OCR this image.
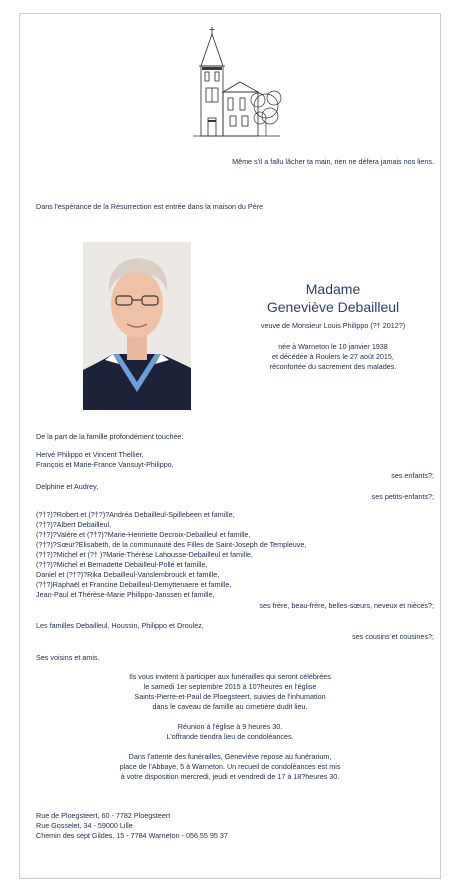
Même s'il a fallu lâcher ta main, rien ne défera jamais nos liens.
Dans l'espérance de la Résurrection est entrée dans la maison du Père
Madame
Geneviève Debailleul
veuve de Monsieur Louis Philippo (?† 2012?)
née à Warneton le 10 janvier 1938
et décédée à Roulers le 27 août 2015,
réconfortée du sacrement des malades.
De la part de la famille profondément touchée:
Hervé Philippo et Vincent Thellier,
François et Marie-France Vansuyt-Philippo,
ses enfants?;
Delphine et Audrey,
ses petits-enfants?;
(?†?)?Robert et (?†?)?Andréa Debailleul-Spillebeen et famille,
(?†?)?Albert Debailleul,
(?†?)?Valère et (?†?)?Marie-Henriette Decroix-Debailleul et famille,
(?†?)?Sœur?Elisabeth, de la communauté des Filles de Saint-Joseph de Templeuve,
(?†?)?Michel et (?† )?Marie-Thérèse Lahousse-Debailleul et famille,
(?†?)?Michel et Bernadette Debailleul-Pollé et famille,
Daniel et (?†?)?Rika Debailleul-Vanslembrouck et famille,
(?†?)Raphaël et Francine Debailleul-Demyttenaere et famille,
Jean-Paul et Thérèse-Marie Philippo-Janssen et famille,
ses frère, beau-frère, belles-sœurs, neveux et nièces?;
Les familles Debailleul, Houssin, Philippo et Droulez,
ses cousins et cousines?;
Ses voisins et amis.
Ils vous invitent à participer aux funérailles qui seront célébrées
le samedi 1er septembre 2015 à 10?heures en l'église
Saints-Pierre-et-Paul de Ploegsteert, suivies de l'inhumation
dans le caveau de famille au cimetière dudit lieu.
Réunion à l'église à 9 heures 30.
L'offrande tiendra lieu de condoléances.
Dans l'attente des funérailles, Geneviève repose au funérarium,
place de l'Abbaye, 5 à Warneton. Un recueil de condoléances est mis
à votre disposition mercredi, jeudi et vendredi de 17 à 18?heures 30.
Rue de Ploegsteert, 60 - 7782 Ploegsteert
Rue Gosselet, 34 - 59000 Lille
Chemin des sept Gildes, 15 - 7784 Warneton - 056 55 95 37
